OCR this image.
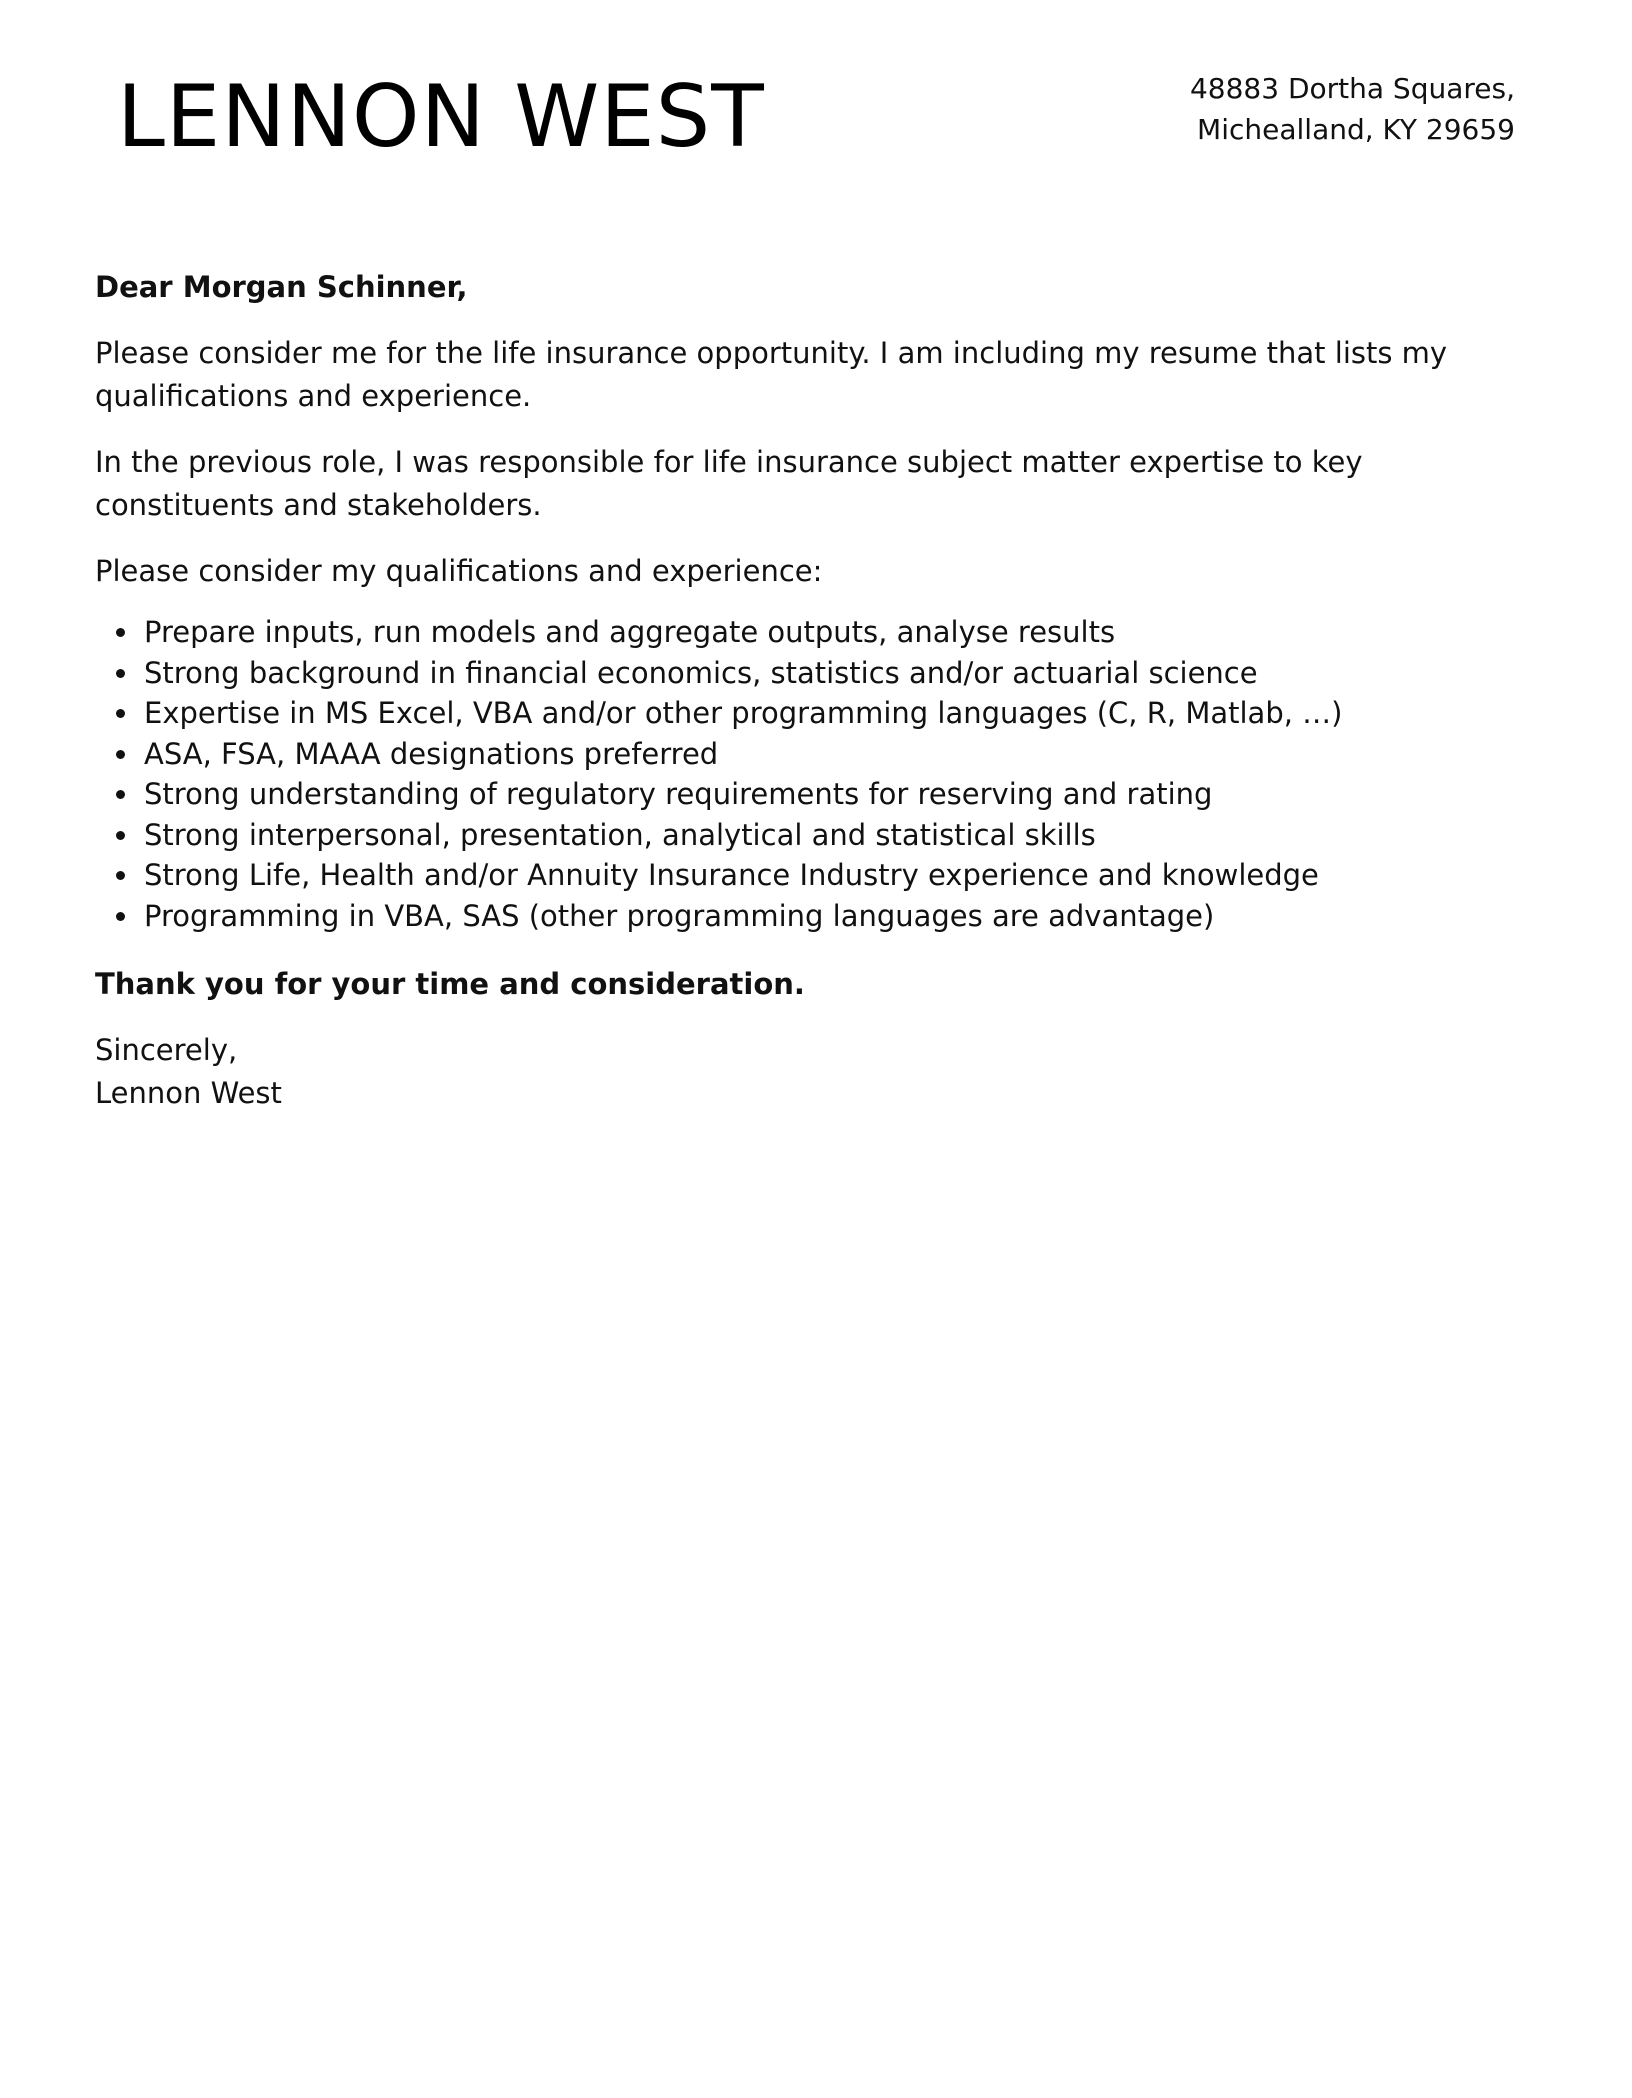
LENNON WEST	48883 Dortha Squares,
Michealland, KY 29659

Dear Morgan Schinner,

Please consider me for the life insurance opportunity. I am including my resume that lists my qualifications and experience.

In the previous role, I was responsible for life insurance subject matter expertise to key constituents and stakeholders.

Please consider my qualifications and experience:

Prepare inputs, run models and aggregate outputs, analyse results
Strong background in financial economics, statistics and/or actuarial science
Expertise in MS Excel, VBA and/or other programming languages (C, R, Matlab, …)
ASA, FSA, MAAA designations preferred
Strong understanding of regulatory requirements for reserving and rating
Strong interpersonal, presentation, analytical and statistical skills
Strong Life, Health and/or Annuity Insurance Industry experience and knowledge
Programming in VBA, SAS (other programming languages are advantage)

Thank you for your time and consideration.

Sincerely,
Lennon West
